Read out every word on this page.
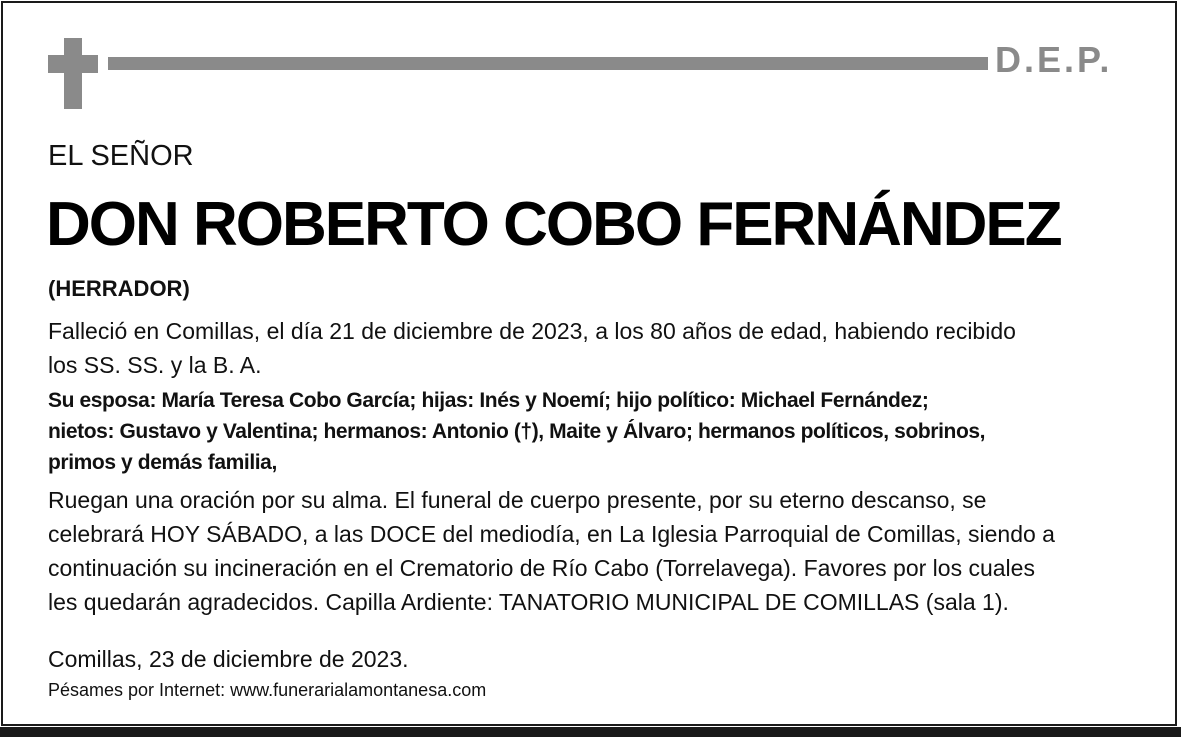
D.E.P.
EL SEÑOR
DON ROBERTO COBO FERNÁNDEZ
(HERRADOR)
Falleció en Comillas, el día 21 de diciembre de 2023, a los 80 años de edad, habiendo recibido
los SS. SS. y la B. A.
Su esposa: María Teresa Cobo García; hijas: Inés y Noemí; hijo político: Michael Fernández;
nietos: Gustavo y Valentina; hermanos: Antonio (†), Maite y Álvaro; hermanos políticos, sobrinos,
primos y demás familia,
Ruegan una oración por su alma. El funeral de cuerpo presente, por su eterno descanso, se
celebrará HOY SÁBADO, a las DOCE del mediodía, en La Iglesia Parroquial de Comillas, siendo a
continuación su incineración en el Crematorio de Río Cabo (Torrelavega). Favores por los cuales
les quedarán agradecidos. Capilla Ardiente: TANATORIO MUNICIPAL DE COMILLAS (sala 1).
Comillas, 23 de diciembre de 2023.
Pésames por Internet: www.funerarialamontanesa.com
